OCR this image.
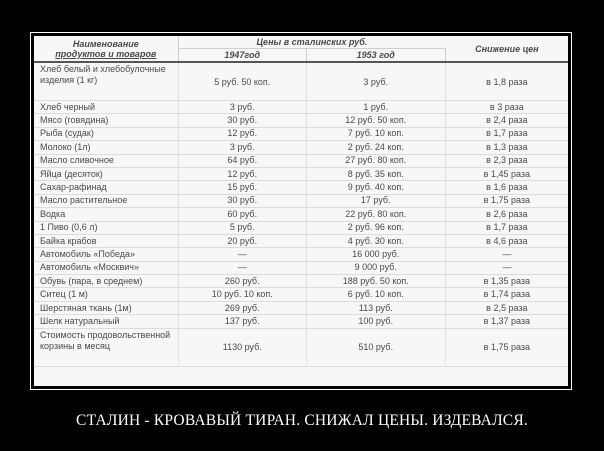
Наименование
продуктов и товаров	Цены в сталинских руб.		Снижение цен
	1947год	1953 год	
Хлеб белый и хлебобулочные изделия (1 кг)	5 руб. 50 коп.	3 руб.	в 1,8 раза
Хлеб черный	3 руб.	1 руб.	в 3 раза
Мясо (говядина)	30 руб.	12 руб. 50 коп.	в 2,4 раза
Рыба (судак)	12 руб.	7 руб. 10 коп.	в 1,7 раза
Молоко (1л)	3 руб.	2 руб. 24 коп.	в 1,3 раза
Масло сливочное	64 руб.	27 руб. 80 коп.	в 2,3 раза
Яйца (десяток)	12 руб.	8 руб. 35 коп.	в 1,45 раза
Сахар-рафинад	15 руб.	9 руб. 40 коп.	в 1,6 раза
Масло растительное	30 руб.	17 руб.	в 1,75 раза
Водка	60 руб.	22 руб. 80 коп.	в 2,6 раза
1 Пиво (0,6 л)	5 руб.	2 руб. 96 коп.	в 1,7 раза
Байка крабов	20 руб.	4 руб. 30 коп.	в 4,6 раза
Автомобиль «Победа»	—	16 000 руб.	—
Автомобиль «Москвич»	—	9 000 руб.	—
Обувь (пара, в среднем)	260 руб.	188 руб. 50 коп.	в 1,35 раза
Ситец (1 м)	10 руб. 10 коп.	6 руб. 10 коп.	в 1,74 раза
Шерстяная ткань (1м)	269 руб.	113 руб.	в 2,5 раза
Шелк натуральный	137 руб.	100 руб.	в 1,37 раза
Стоимость продовольственной корзины в месяц	1130 руб.	510 руб.	в 1,75 раза
СТАЛИН - КРОВАВЫЙ ТИРАН. СНИЖАЛ ЦЕНЫ. ИЗДЕВАЛСЯ.
